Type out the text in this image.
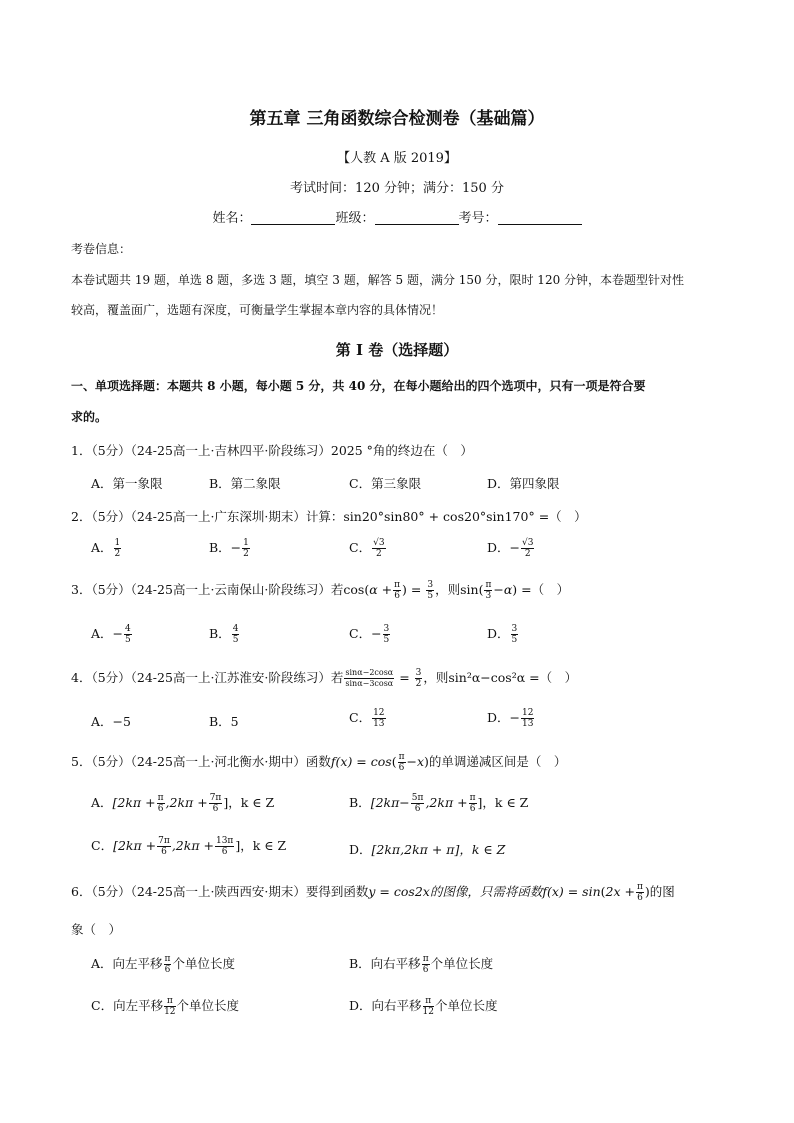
第五章 三角函数综合检测卷（基础篇）
【人教 A 版 2019】
考试时间：120 分钟；满分：150 分
姓名：	班级：	考号：
考卷信息：
本卷试题共 19 题，单选 8 题，多选 3 题，填空 3 题，解答 5 题，满分 150 分，限时 120 分钟，本卷题型针对性
较高，覆盖面广，选题有深度，可衡量学生掌握本章内容的具体情况！
第 I 卷（选择题）
一、单项选择题：本题共 8 小题，每小题 5 分，共 40 分，在每小题给出的四个选项中，只有一项是符合要
求的。
1．（5分）（24-25高一上·吉林四平·阶段练习）2025 °角的终边在（　）
A．第一象限	B．第二象限	C．第三象限	D．第四象限
2．（5分）（24-25高一上·广东深圳·期末）计算：sin20°sin80° + cos20°sin170° =（　）
A． $\frac{1}{2}$	B．− $\frac{1}{2}$	C． $\frac{√3}{2}$	D．− $\frac{√3}{2}$
3．（5分）（24-25高一上·云南保山·阶段练习）若$\cos(\alpha + \frac{\pi}{6}$ ) = $\frac{3}{5}$ ，则$\sin( \frac{\pi}{3} -\alpha)$ =（　）
A．− $\frac{4}{5}$	B． $\frac{4}{5}$	C．− $\frac{3}{5}$	D． $\frac{3}{5}$
4．（5分）（24-25高一上·江苏淮安·阶段练习）若 $\frac{\sin\alpha-2\cos\alpha}{\sin\alpha-3\cos\alpha} = \frac{3}{2}$ ，则sin²α−cos²α =（　）
A．−5	B．5	C． $\frac{12}{13}$	D．− $\frac{12}{13}$
5．（5分）（24-25高一上·河北衡水·期中）函数$f(x) = \cos( \frac{\pi}{6} -x)$的单调递减区间是（　）
A．[$2k\pi + \frac{\pi}{6} ,2k\pi + \frac{7\pi}{6}$ ]，k ∈ Z	B．[$2k\pi- \frac{5\pi}{6} ,2k\pi + \frac{\pi}{6}$ ]，k ∈ Z
C．[$2k\pi + \frac{7\pi}{6} ,2k\pi + \frac{13\pi}{6}$ ]，k ∈ Z	D．[2kπ,2kπ + π]，k ∈ Z
6．（5分）（24-25高一上·陕西西安·期末）要得到函数y = cos2x的图像，只需将函数$f(x) = \sin(2x + \frac{\pi}{6}$ )的图
象（　）
A．向左平移 $\frac{\pi}{6}$ 个单位长度	B．向右平移 $\frac{\pi}{6}$ 个单位长度
C．向左平移 $\frac{\pi}{12}$ 个单位长度	D．向右平移 $\frac{\pi}{12}$ 个单位长度
